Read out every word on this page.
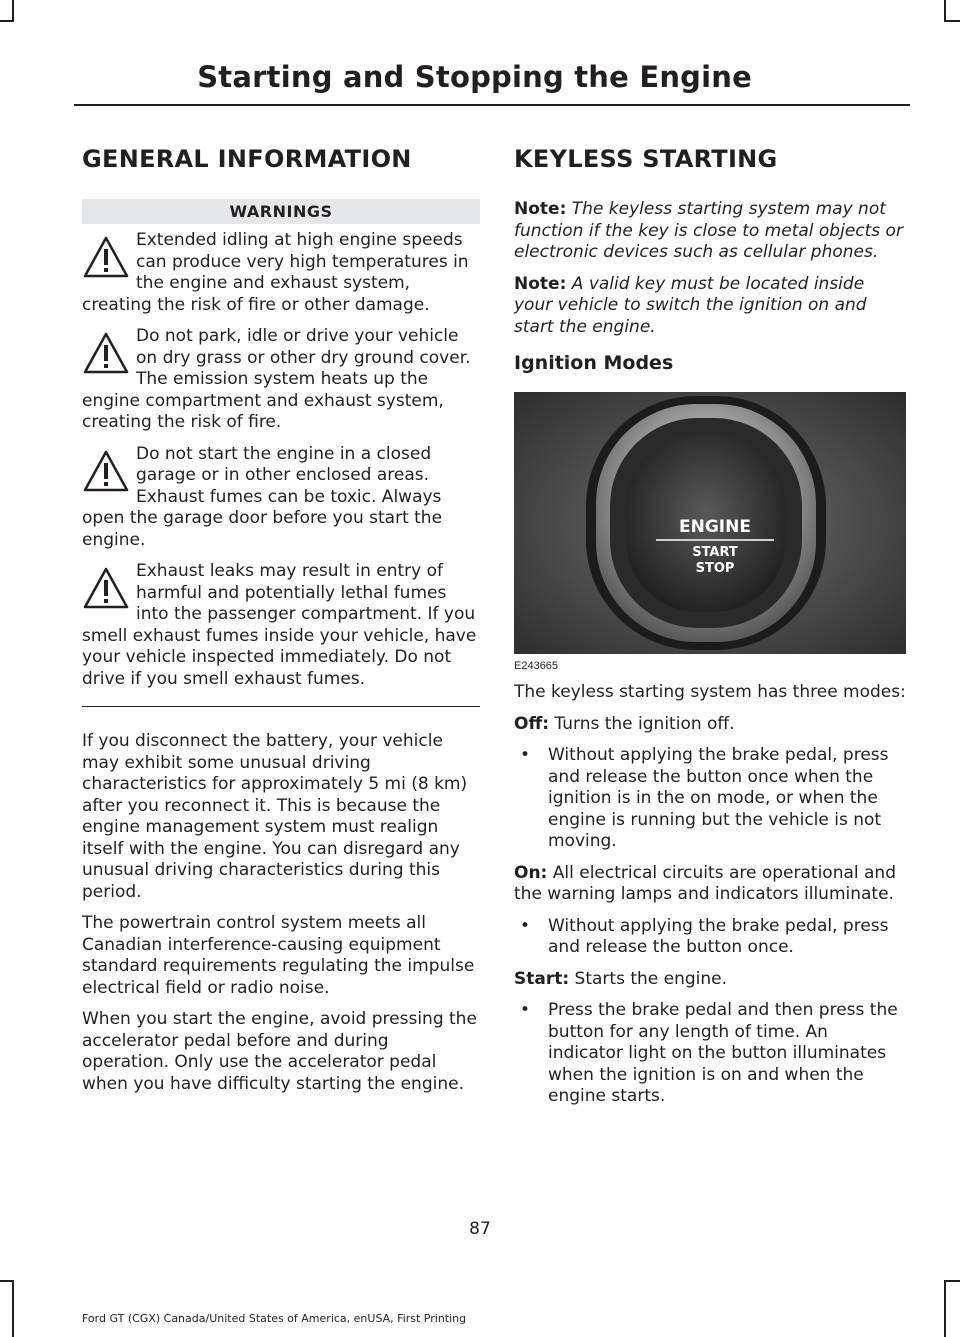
Starting and Stopping the Engine
GENERAL INFORMATION
WARNINGS
Extended idling at high engine speeds can produce very high temperatures in the engine and exhaust system, creating the risk of fire or other damage.
Do not park, idle or drive your vehicle on dry grass or other dry ground cover. The emission system heats up the engine compartment and exhaust system, creating the risk of fire.
Do not start the engine in a closed garage or in other enclosed areas. Exhaust fumes can be toxic. Always open the garage door before you start the engine.
Exhaust leaks may result in entry of harmful and potentially lethal fumes into the passenger compartment. If you smell exhaust fumes inside your vehicle, have your vehicle inspected immediately. Do not drive if you smell exhaust fumes.

If you disconnect the battery, your vehicle may exhibit some unusual driving characteristics for approximately 5 mi (8 km) after you reconnect it. This is because the engine management system must realign itself with the engine. You can disregard any unusual driving characteristics during this period.

The powertrain control system meets all Canadian interference-causing equipment standard requirements regulating the impulse electrical field or radio noise.

When you start the engine, avoid pressing the accelerator pedal before and during operation. Only use the accelerator pedal when you have difficulty starting the engine.

KEYLESS STARTING

Note: The keyless starting system may not function if the key is close to metal objects or electronic devices such as cellular phones.

Note: A valid key must be located inside your vehicle to switch the ignition on and start the engine.

Ignition Modes
ENGINE
START
STOP
E243665

The keyless starting system has three modes:

Off: Turns the ignition off.

• Without applying the brake pedal, press and release the button once when the ignition is in the on mode, or when the engine is running but the vehicle is not moving.

On: All electrical circuits are operational and the warning lamps and indicators illuminate.

• Without applying the brake pedal, press and release the button once.

Start: Starts the engine.

• Press the brake pedal and then press the button for any length of time. An indicator light on the button illuminates when the ignition is on and when the engine starts.
87
Ford GT (CGX) Canada/United States of America, enUSA, First Printing
